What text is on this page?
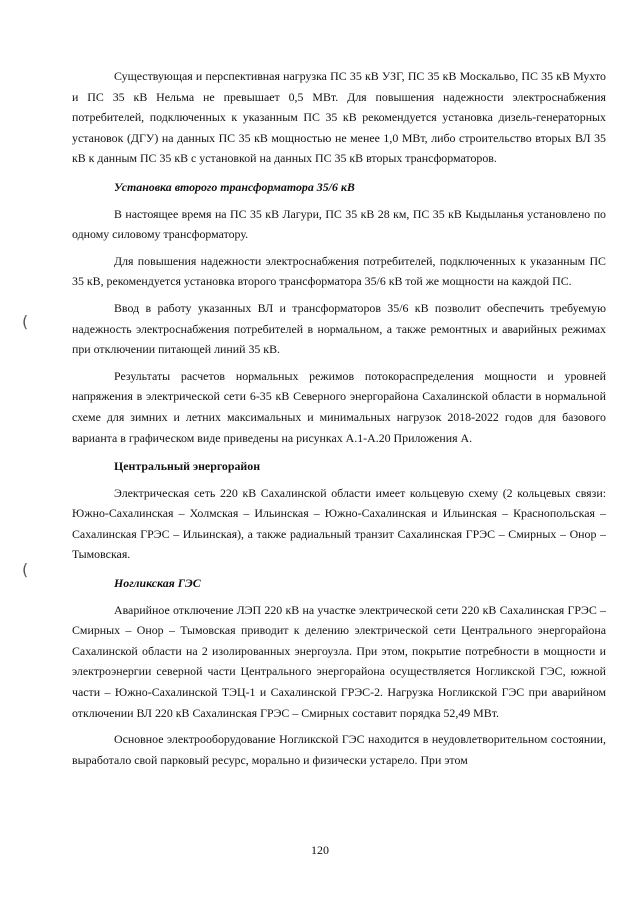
(
(

Существующая и перспективная нагрузка ПС 35 кВ УЗГ, ПС 35 кВ Москальво, ПС 35 кВ Мухто и ПС 35 кВ Нельма не превышает 0,5 МВт. Для повышения надежности электроснабжения потребителей, подключенных к указанным ПС 35 кВ рекомендуется установка дизель-генераторных установок (ДГУ) на данных ПС 35 кВ мощностью не менее 1,0 МВт, либо строительство вторых ВЛ 35 кВ к данным ПС 35 кВ с установкой на данных ПС 35 кВ вторых трансформаторов.

Установка второго трансформатора 35/6 кВ

В настоящее время на ПС 35 кВ Лагури, ПС 35 кВ 28 км, ПС 35 кВ Кыдыланья установлено по одному силовому трансформатору.

Для повышения надежности электроснабжения потребителей, подключенных к указанным ПС 35 кВ, рекомендуется установка второго трансформатора 35/6 кВ той же мощности на каждой ПС.

Ввод в работу указанных ВЛ и трансформаторов 35/6 кВ позволит обеспечить требуемую надежность электроснабжения потребителей в нормальном, а также ремонтных и аварийных режимах при отключении питающей линий 35 кВ.

Результаты расчетов нормальных режимов потокораспределения мощности и уровней напряжения в электрической сети 6-35 кВ Северного энергорайона Сахалинской области в нормальной схеме для зимних и летних максимальных и минимальных нагрузок 2018-2022 годов для базового варианта в графическом виде приведены на рисунках А.1-А.20 Приложения А.

Центральный энергорайон

Электрическая сеть 220 кВ Сахалинской области имеет кольцевую схему (2 кольцевых связи: Южно-Сахалинская – Холмская – Ильинская – Южно-Сахалинская и Ильинская – Краснопольская – Сахалинская ГРЭС – Ильинская), а также радиальный транзит Сахалинская ГРЭС – Смирных – Онор – Тымовская.

Ногликская ГЭС

Аварийное отключение ЛЭП 220 кВ на участке электрической сети 220 кВ Сахалинская ГРЭС – Смирных – Онор – Тымовская приводит к делению электрической сети Центрального энергорайона Сахалинской области на 2 изолированных энергоузла. При этом, покрытие потребности в мощности и электроэнергии северной части Центрального энергорайона осуществляется Ногликской ГЭС, южной части – Южно-Сахалинской ТЭЦ-1 и Сахалинской ГРЭС-2. Нагрузка Ногликской ГЭС при аварийном отключении ВЛ 220 кВ Сахалинская ГРЭС – Смирных составит порядка 52,49 МВт.

Основное электрооборудование Ногликской ГЭС находится в неудовлетворительном состоянии, выработало свой парковый ресурс, морально и физически устарело. При этом

120
